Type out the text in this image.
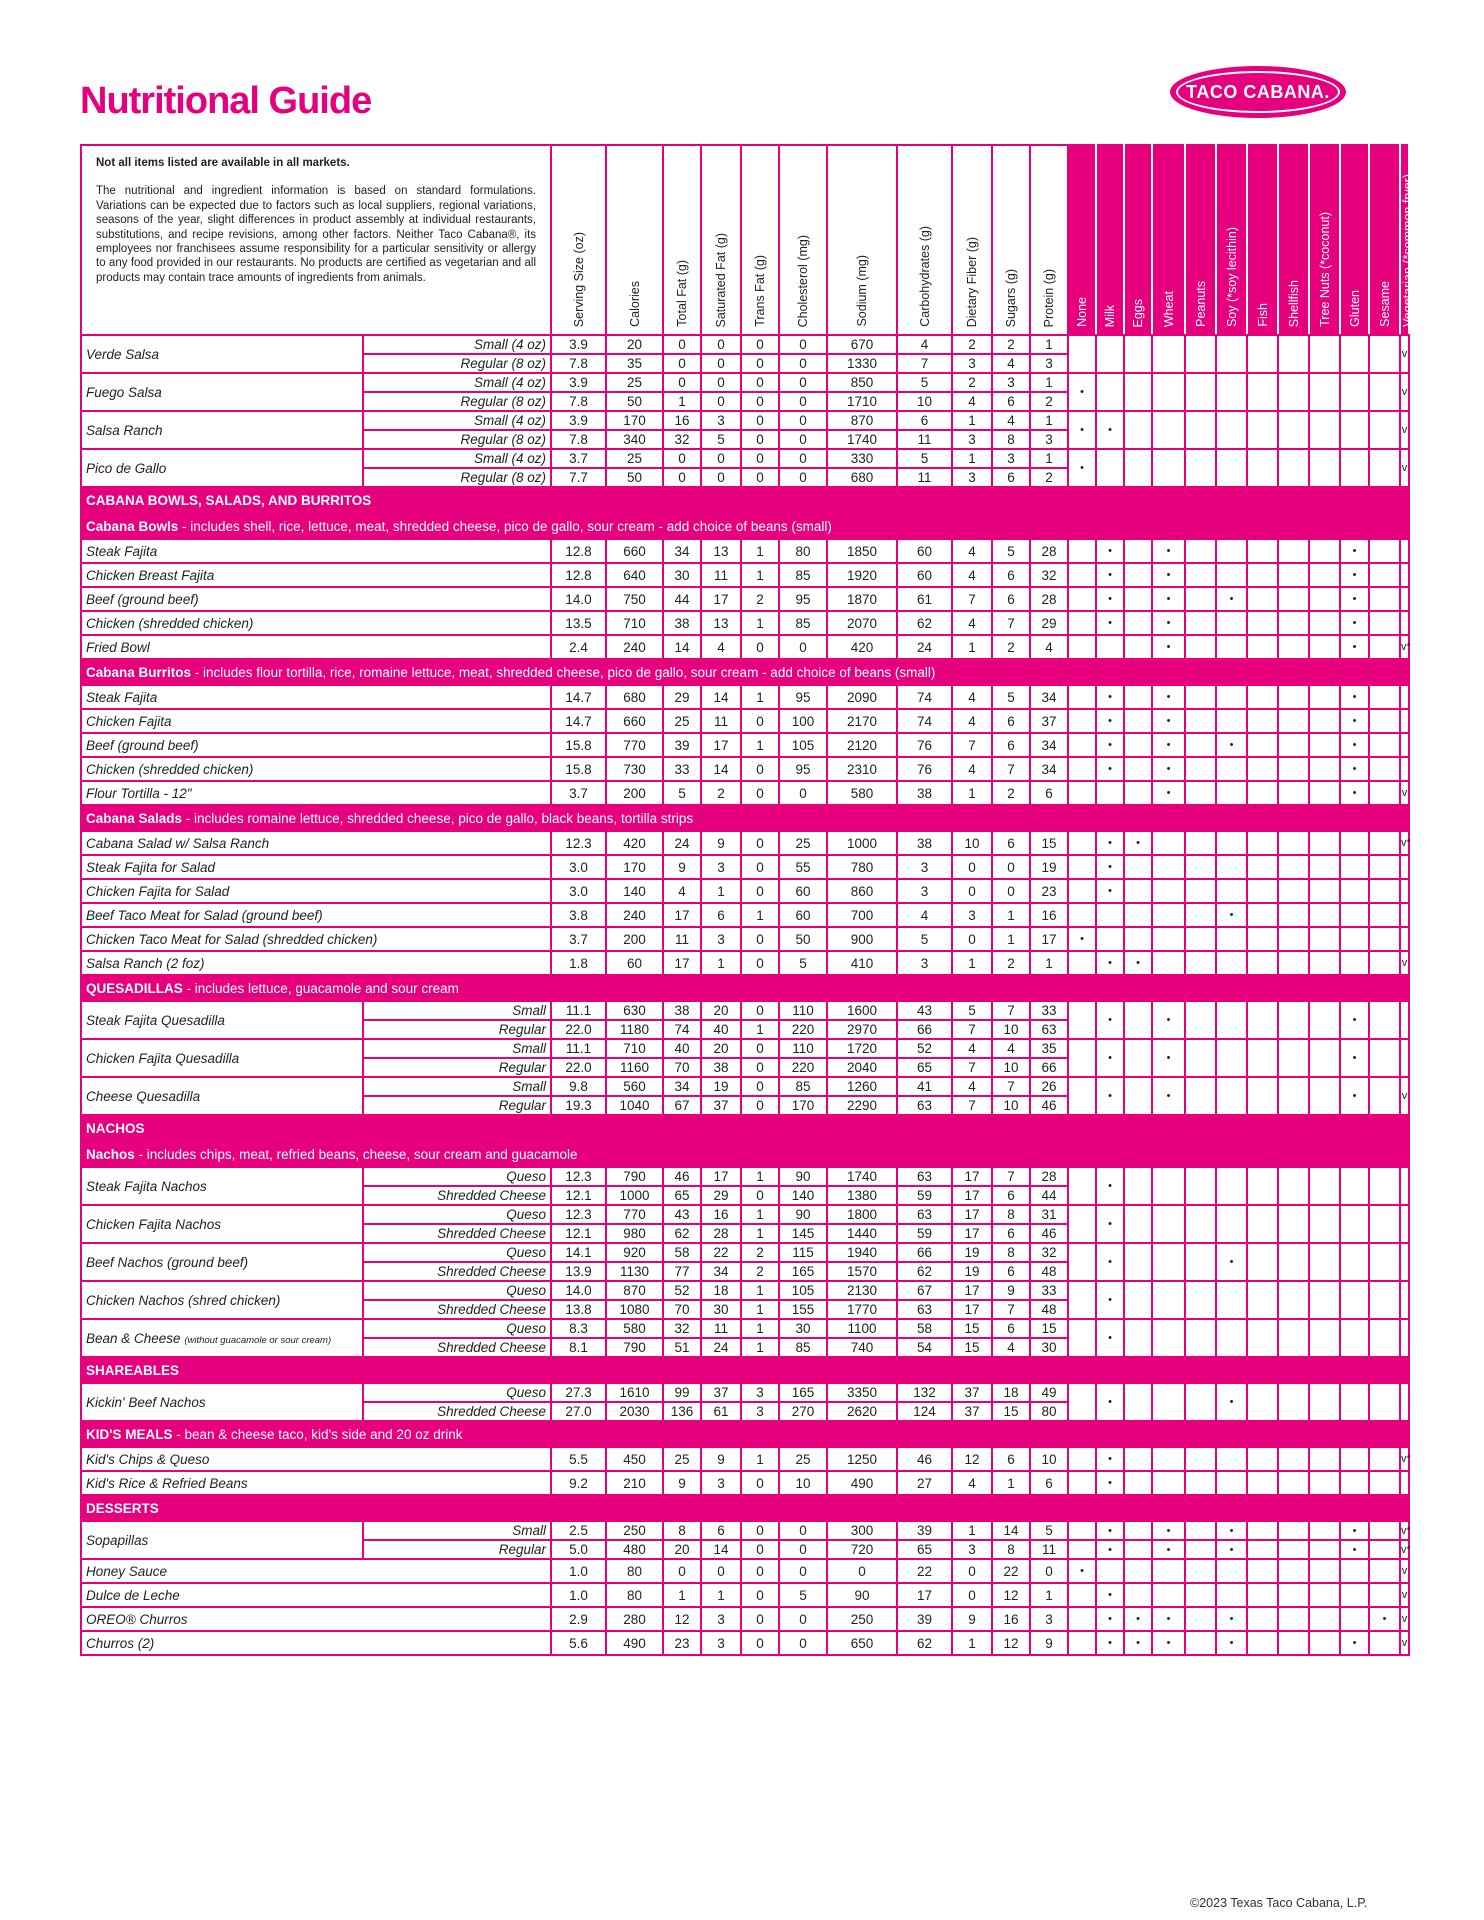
Nutritional Guide	TACO CABANA.
Not all items listed are available in all markets.

The nutritional and ingredient information is based on standard formulations. Variations can be expected due to factors such as local suppliers, regional variations, seasons of the year, slight differences in product assembly at individual restaurants, substitutions, and recipe revisions, among other factors. Neither Taco Cabana®, its employees nor franchisees assume responsibility for a particular sensitivity or allergy to any food provided in our restaurants. No products are certified as vegetarian and all products may contain trace amounts of ingredients from animals.		Serving Size (oz)	Calories	Total Fat (g)	Saturated Fat (g)	Trans Fat (g)	Cholesterol (mg)	Sodium (mg)	Carbohydrates (g)	Dietary Fiber (g)	Sugars (g)	Protein (g)	None	Milk	Eggs	Wheat	Peanuts	Soy (*soy lecithin)	Fish	Shellfish	Tree Nuts (*coconut)	Gluten	Sesame	Vegetarian (*common fryer)
Verde Salsa	Small (4 oz)	3.9	20	0	0	0	0	670	4	2	2	1												v
	Regular (8 oz)	7.8	35	0	0	0	0	1330	7	3	4	3												
Fuego Salsa	Small (4 oz)	3.9	25	0	0	0	0	850	5	2	3	1	•											v
	Regular (8 oz)	7.8	50	1	0	0	0	1710	10	4	6	2												
Salsa Ranch	Small (4 oz)	3.9	170	16	3	0	0	870	6	1	4	1	•	•										v
	Regular (8 oz)	7.8	340	32	5	0	0	1740	11	3	8	3												
Pico de Gallo	Small (4 oz)	3.7	25	0	0	0	0	330	5	1	3	1	•											v
	Regular (8 oz)	7.7	50	0	0	0	0	680	11	3	6	2												
CABANA BOWLS, SALADS, AND BURRITOS																								
Cabana Bowls - includes shell, rice, lettuce, meat, shredded cheese, pico de gallo, sour cream - add choice of beans (small)																								
Steak Fajita		12.8	660	34	13	1	80	1850	60	4	5	28		•		•						•		
Chicken Breast Fajita		12.8	640	30	11	1	85	1920	60	4	6	32		•		•						•		
Beef (ground beef)		14.0	750	44	17	2	95	1870	61	7	6	28		•		•		•				•		
Chicken (shredded chicken)		13.5	710	38	13	1	85	2070	62	4	7	29		•		•						•		
Fried Bowl		2.4	240	14	4	0	0	420	24	1	2	4				•						•		v*
Cabana Burritos - includes flour tortilla, rice, romaine lettuce, meat, shredded cheese, pico de gallo, sour cream - add choice of beans (small)																								
Steak Fajita		14.7	680	29	14	1	95	2090	74	4	5	34		•		•						•		
Chicken Fajita		14.7	660	25	11	0	100	2170	74	4	6	37		•		•						•		
Beef (ground beef)		15.8	770	39	17	1	105	2120	76	7	6	34		•		•		•				•		
Chicken (shredded chicken)		15.8	730	33	14	0	95	2310	76	4	7	34		•		•						•		
Flour Tortilla - 12"		3.7	200	5	2	0	0	580	38	1	2	6				•						•		v
Cabana Salads - includes romaine lettuce, shredded cheese, pico de gallo, black beans, tortilla strips																								
Cabana Salad w/ Salsa Ranch		12.3	420	24	9	0	25	1000	38	10	6	15		•	•									v*
Steak Fajita for Salad		3.0	170	9	3	0	55	780	3	0	0	19		•										
Chicken Fajita for Salad		3.0	140	4	1	0	60	860	3	0	0	23		•										
Beef Taco Meat for Salad (ground beef)		3.8	240	17	6	1	60	700	4	3	1	16						•						
Chicken Taco Meat for Salad (shredded chicken)		3.7	200	11	3	0	50	900	5	0	1	17	•											
Salsa Ranch (2 foz)		1.8	60	17	1	0	5	410	3	1	2	1		•	•									v
QUESADILLAS - includes lettuce, guacamole and sour cream																								
Steak Fajita Quesadilla	Small	11.1	630	38	20	0	110	1600	43	5	7	33		•		•						•		
	Regular	22.0	1180	74	40	1	220	2970	66	7	10	63												
Chicken Fajita Quesadilla	Small	11.1	710	40	20	0	110	1720	52	4	4	35		•		•						•		
	Regular	22.0	1160	70	38	0	220	2040	65	7	10	66												
Cheese Quesadilla	Small	9.8	560	34	19	0	85	1260	41	4	7	26		•		•						•		v
	Regular	19.3	1040	67	37	0	170	2290	63	7	10	46												
NACHOS																								
Nachos - includes chips, meat, refried beans, cheese, sour cream and guacamole																								
Steak Fajita Nachos	Queso	12.3	790	46	17	1	90	1740	63	17	7	28		•										
	Shredded Cheese	12.1	1000	65	29	0	140	1380	59	17	6	44												
Chicken Fajita Nachos	Queso	12.3	770	43	16	1	90	1800	63	17	8	31		•										
	Shredded Cheese	12.1	980	62	28	1	145	1440	59	17	6	46												
Beef Nachos (ground beef)	Queso	14.1	920	58	22	2	115	1940	66	19	8	32		•				•						
	Shredded Cheese	13.9	1130	77	34	2	165	1570	62	19	6	48												
Chicken Nachos (shred chicken)	Queso	14.0	870	52	18	1	105	2130	67	17	9	33		•										
	Shredded Cheese	13.8	1080	70	30	1	155	1770	63	17	7	48												
Bean & Cheese (without guacamole or sour cream)	Queso	8.3	580	32	11	1	30	1100	58	15	6	15		•										
	Shredded Cheese	8.1	790	51	24	1	85	740	54	15	4	30												
SHAREABLES																								
Kickin' Beef Nachos	Queso	27.3	1610	99	37	3	165	3350	132	37	18	49		•				•						
	Shredded Cheese	27.0	2030	136	61	3	270	2620	124	37	15	80												
KID'S MEALS - bean & cheese taco, kid's side and 20 oz drink																								
Kid's Chips & Queso		5.5	450	25	9	1	25	1250	46	12	6	10		•										v*
Kid's Rice & Refried Beans		9.2	210	9	3	0	10	490	27	4	1	6		•										
DESSERTS																								
Sopapillas	Small	2.5	250	8	6	0	0	300	39	1	14	5		•		•		•				•		v*
	Regular	5.0	480	20	14	0	0	720	65	3	8	11		•		•		•				•		v*
Honey Sauce		1.0	80	0	0	0	0	0	22	0	22	0	•											v
Dulce de Leche		1.0	80	1	1	0	5	90	17	0	12	1		•										v
OREO® Churros		2.9	280	12	3	0	0	250	39	9	16	3		•	•	•		•					•	v
Churros (2)		5.6	490	23	3	0	0	650	62	1	12	9		•	•	•		•				•		v
©2023 Texas Taco Cabana, L.P.
